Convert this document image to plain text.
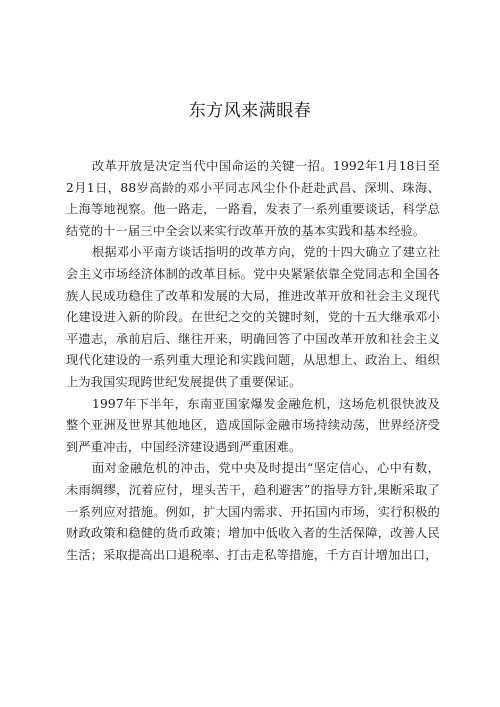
东方风来满眼春

改革开放是决定当代中国命运的关键一招。1992年1月18日至2月1日，88岁高龄的邓小平同志风尘仆仆赶赴武昌、深圳、珠海、上海等地视察。他一路走，一路看，发表了一系列重要谈话，科学总结党的十一届三中全会以来实行改革开放的基本实践和基本经验。

根据邓小平南方谈话指明的改革方向，党的十四大确立了建立社会主义市场经济体制的改革目标。党中央紧紧依靠全党同志和全国各族人民成功稳住了改革和发展的大局，推进改革开放和社会主义现代化建设进入新的阶段。在世纪之交的关键时刻，党的十五大继承邓小平遗志，承前启后、继往开来，明确回答了中国改革开放和社会主义现代化建设的一系列重大理论和实践问题，从思想上、政治上、组织上为我国实现跨世纪发展提供了重要保证。

1997年下半年，东南亚国家爆发金融危机，这场危机很快波及整个亚洲及世界其他地区，造成国际金融市场持续动荡，世界经济受到严重冲击，中国经济建设遇到严重困难。

面对金融危机的冲击，党中央及时提出“坚定信心，心中有数，未雨绸缪，沉着应付，埋头苦干，趋利避害”的指导方针,果断采取了一系列应对措施。例如，扩大国内需求、开拓国内市场，实行积极的财政政策和稳健的货币政策；增加中低收入者的生活保障，改善人民生活；采取提高出口退税率、打击走私等措施，千方百计增加出口，
